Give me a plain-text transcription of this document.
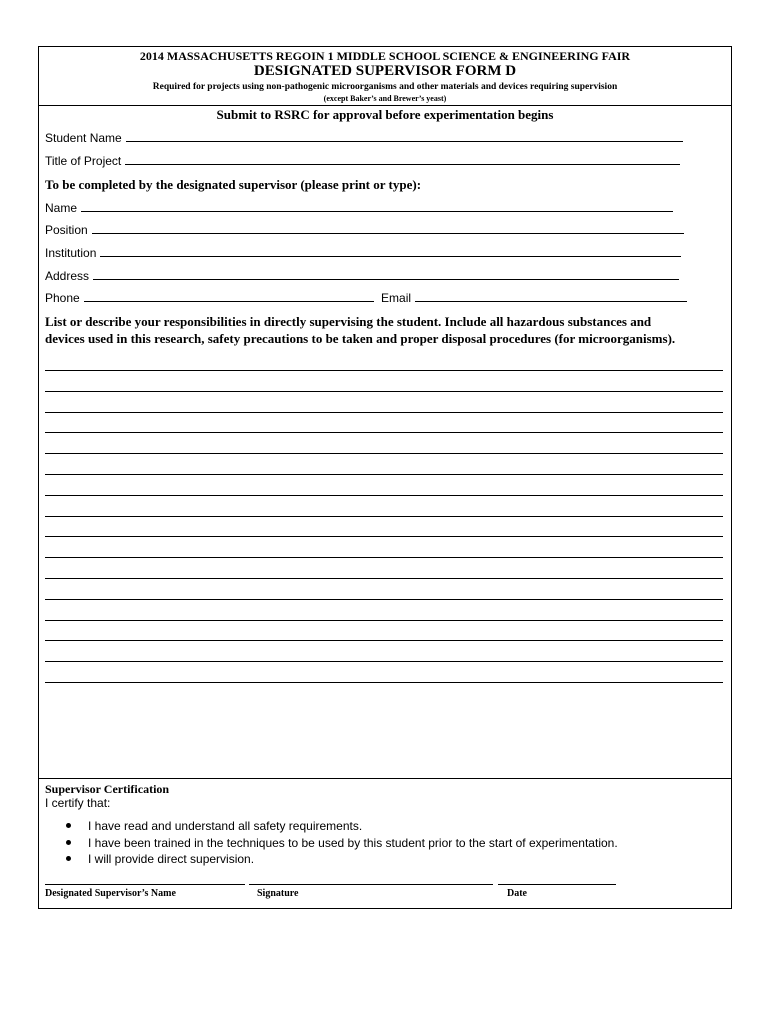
2014 MASSACHUSETTS REGOIN 1 MIDDLE SCHOOL SCIENCE & ENGINEERING FAIR
DESIGNATED SUPERVISOR FORM D
Required for projects using non-pathogenic microorganisms and other materials and devices requiring supervision
(except Baker’s and Brewer’s yeast)
Submit to RSRC for approval before experimentation begins
Student Name
Title of Project
To be completed by the designated supervisor (please print or type):
Name
Position
Institution
Address
Phone	Email
List or describe your responsibilities in directly supervising the student. Include all hazardous substances and
devices used in this research, safety precautions to be taken and proper disposal procedures (for microorganisms).
Supervisor Certification
I certify that:
I have read and understand all safety requirements.
I have been trained in the techniques to be used by this student prior to the start of experimentation.
I will provide direct supervision.
Designated Supervisor’s Name	Signature	Date
